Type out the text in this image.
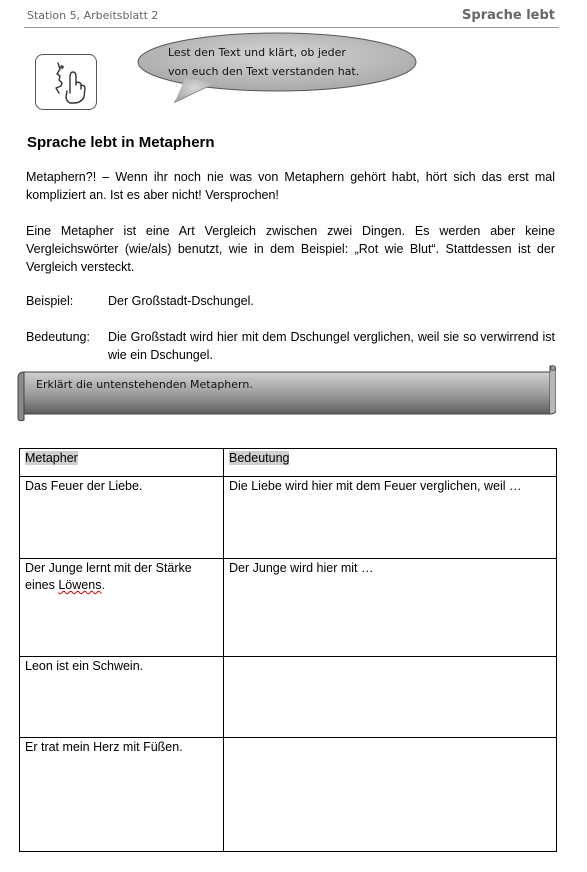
Station 5, Arbeitsblatt 2	Sprache lebt
Lest den Text und klärt, ob jeder
von euch den Text verstanden hat.
Sprache lebt in Metaphern
Metaphern?! – Wenn ihr noch nie was von Metaphern gehört habt, hört sich das erst mal kompliziert an. Ist es aber nicht! Versprochen!
Eine Metapher ist eine Art Vergleich zwischen zwei Dingen. Es werden aber keine Vergleichswörter (wie/als) benutzt, wie in dem Beispiel: „Rot wie Blut“. Stattdessen ist der Vergleich versteckt.
Beispiel:	Der Großstadt-Dschungel.
Bedeutung: Die Großstadt wird hier mit dem Dschungel verglichen, weil sie so verwirrend ist wie ein Dschungel.
Erklärt die untenstehenden Metaphern.
Metapher	Bedeutung
Das Feuer der Liebe.	Die Liebe wird hier mit dem Feuer verglichen, weil …
Der Junge lernt mit der Stärke eines Löwens.	Der Junge wird hier mit …
Leon ist ein Schwein.	
Er trat mein Herz mit Füßen.	
